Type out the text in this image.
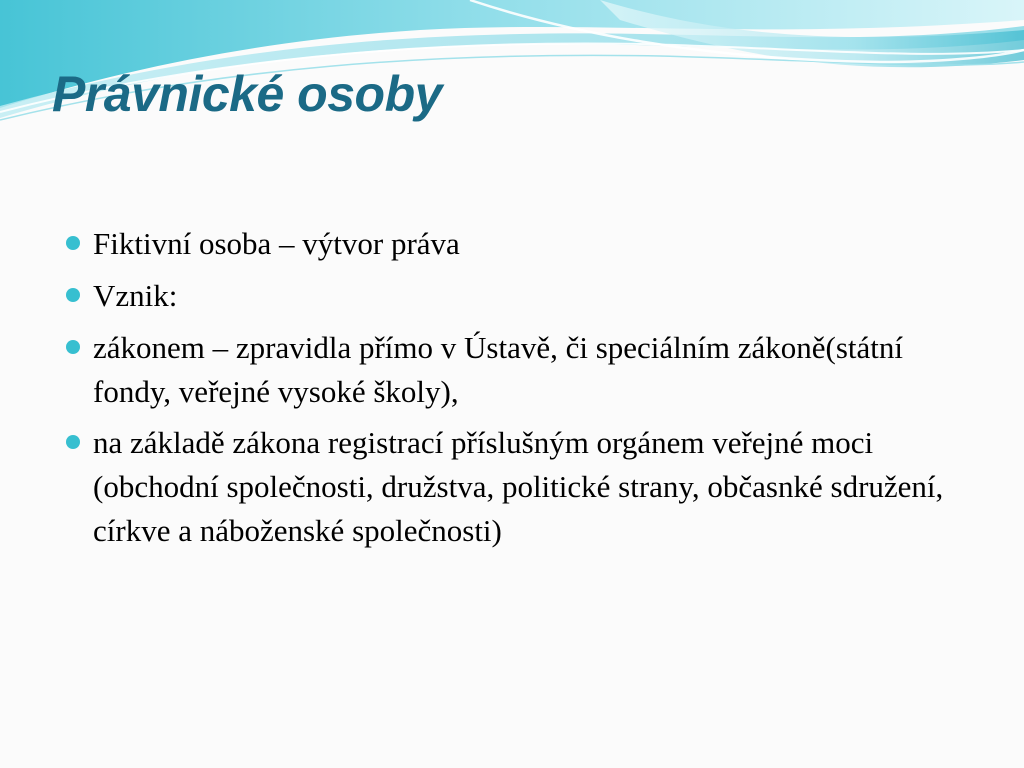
Právnické osoby
Fiktivní osoba – výtvor práva
Vznik:
zákonem – zpravidla přímo v Ústavě, či speciálním zákoně(státní fondy, veřejné vysoké školy),
na základě zákona registrací příslušným orgánem veřejné moci (obchodní společnosti, družstva, politické strany, občasnké sdružení, církve a náboženské společnosti)
